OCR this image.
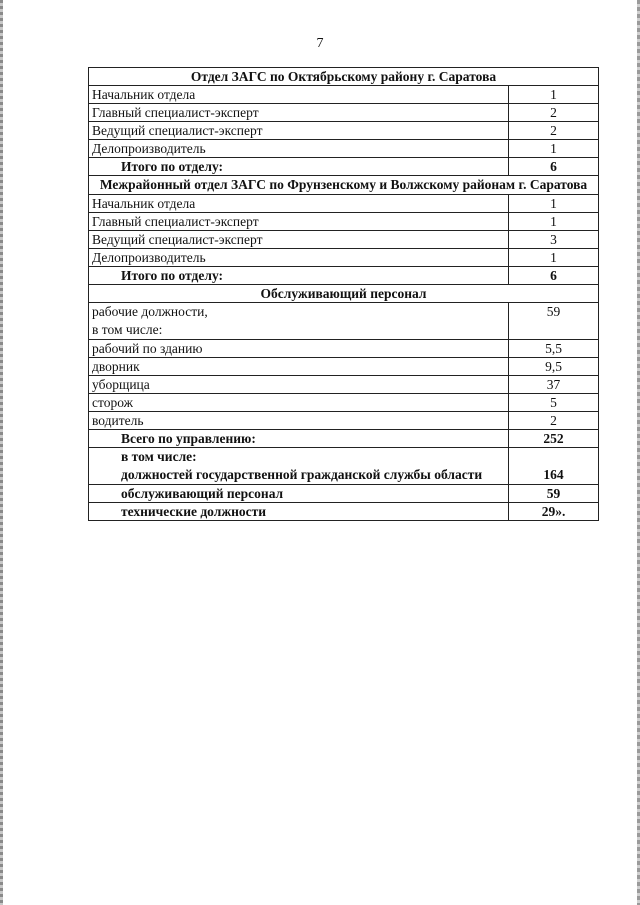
7
Отдел ЗАГС по Октябрьскому району г. Саратова	
Начальник отдела	1
Главный специалист-эксперт	2
Ведущий специалист-эксперт	2
Делопроизводитель	1
Итого по отделу:	6
Межрайонный отдел ЗАГС по Фрунзенскому и Волжскому районам г. Саратова	
Начальник отдела	1
Главный специалист-эксперт	1
Ведущий специалист-эксперт	3
Делопроизводитель	1
Итого по отделу:	6
Обслуживающий персонал	

рабочие должности,
в том числе:	59
рабочий по зданию	5,5
дворник	9,5
уборщица	37
сторож	5
водитель	2
Всего по управлению:	252

в том числе:
должностей государственной гражданской службы области	164
обслуживающий персонал	59
технические должности	29».
